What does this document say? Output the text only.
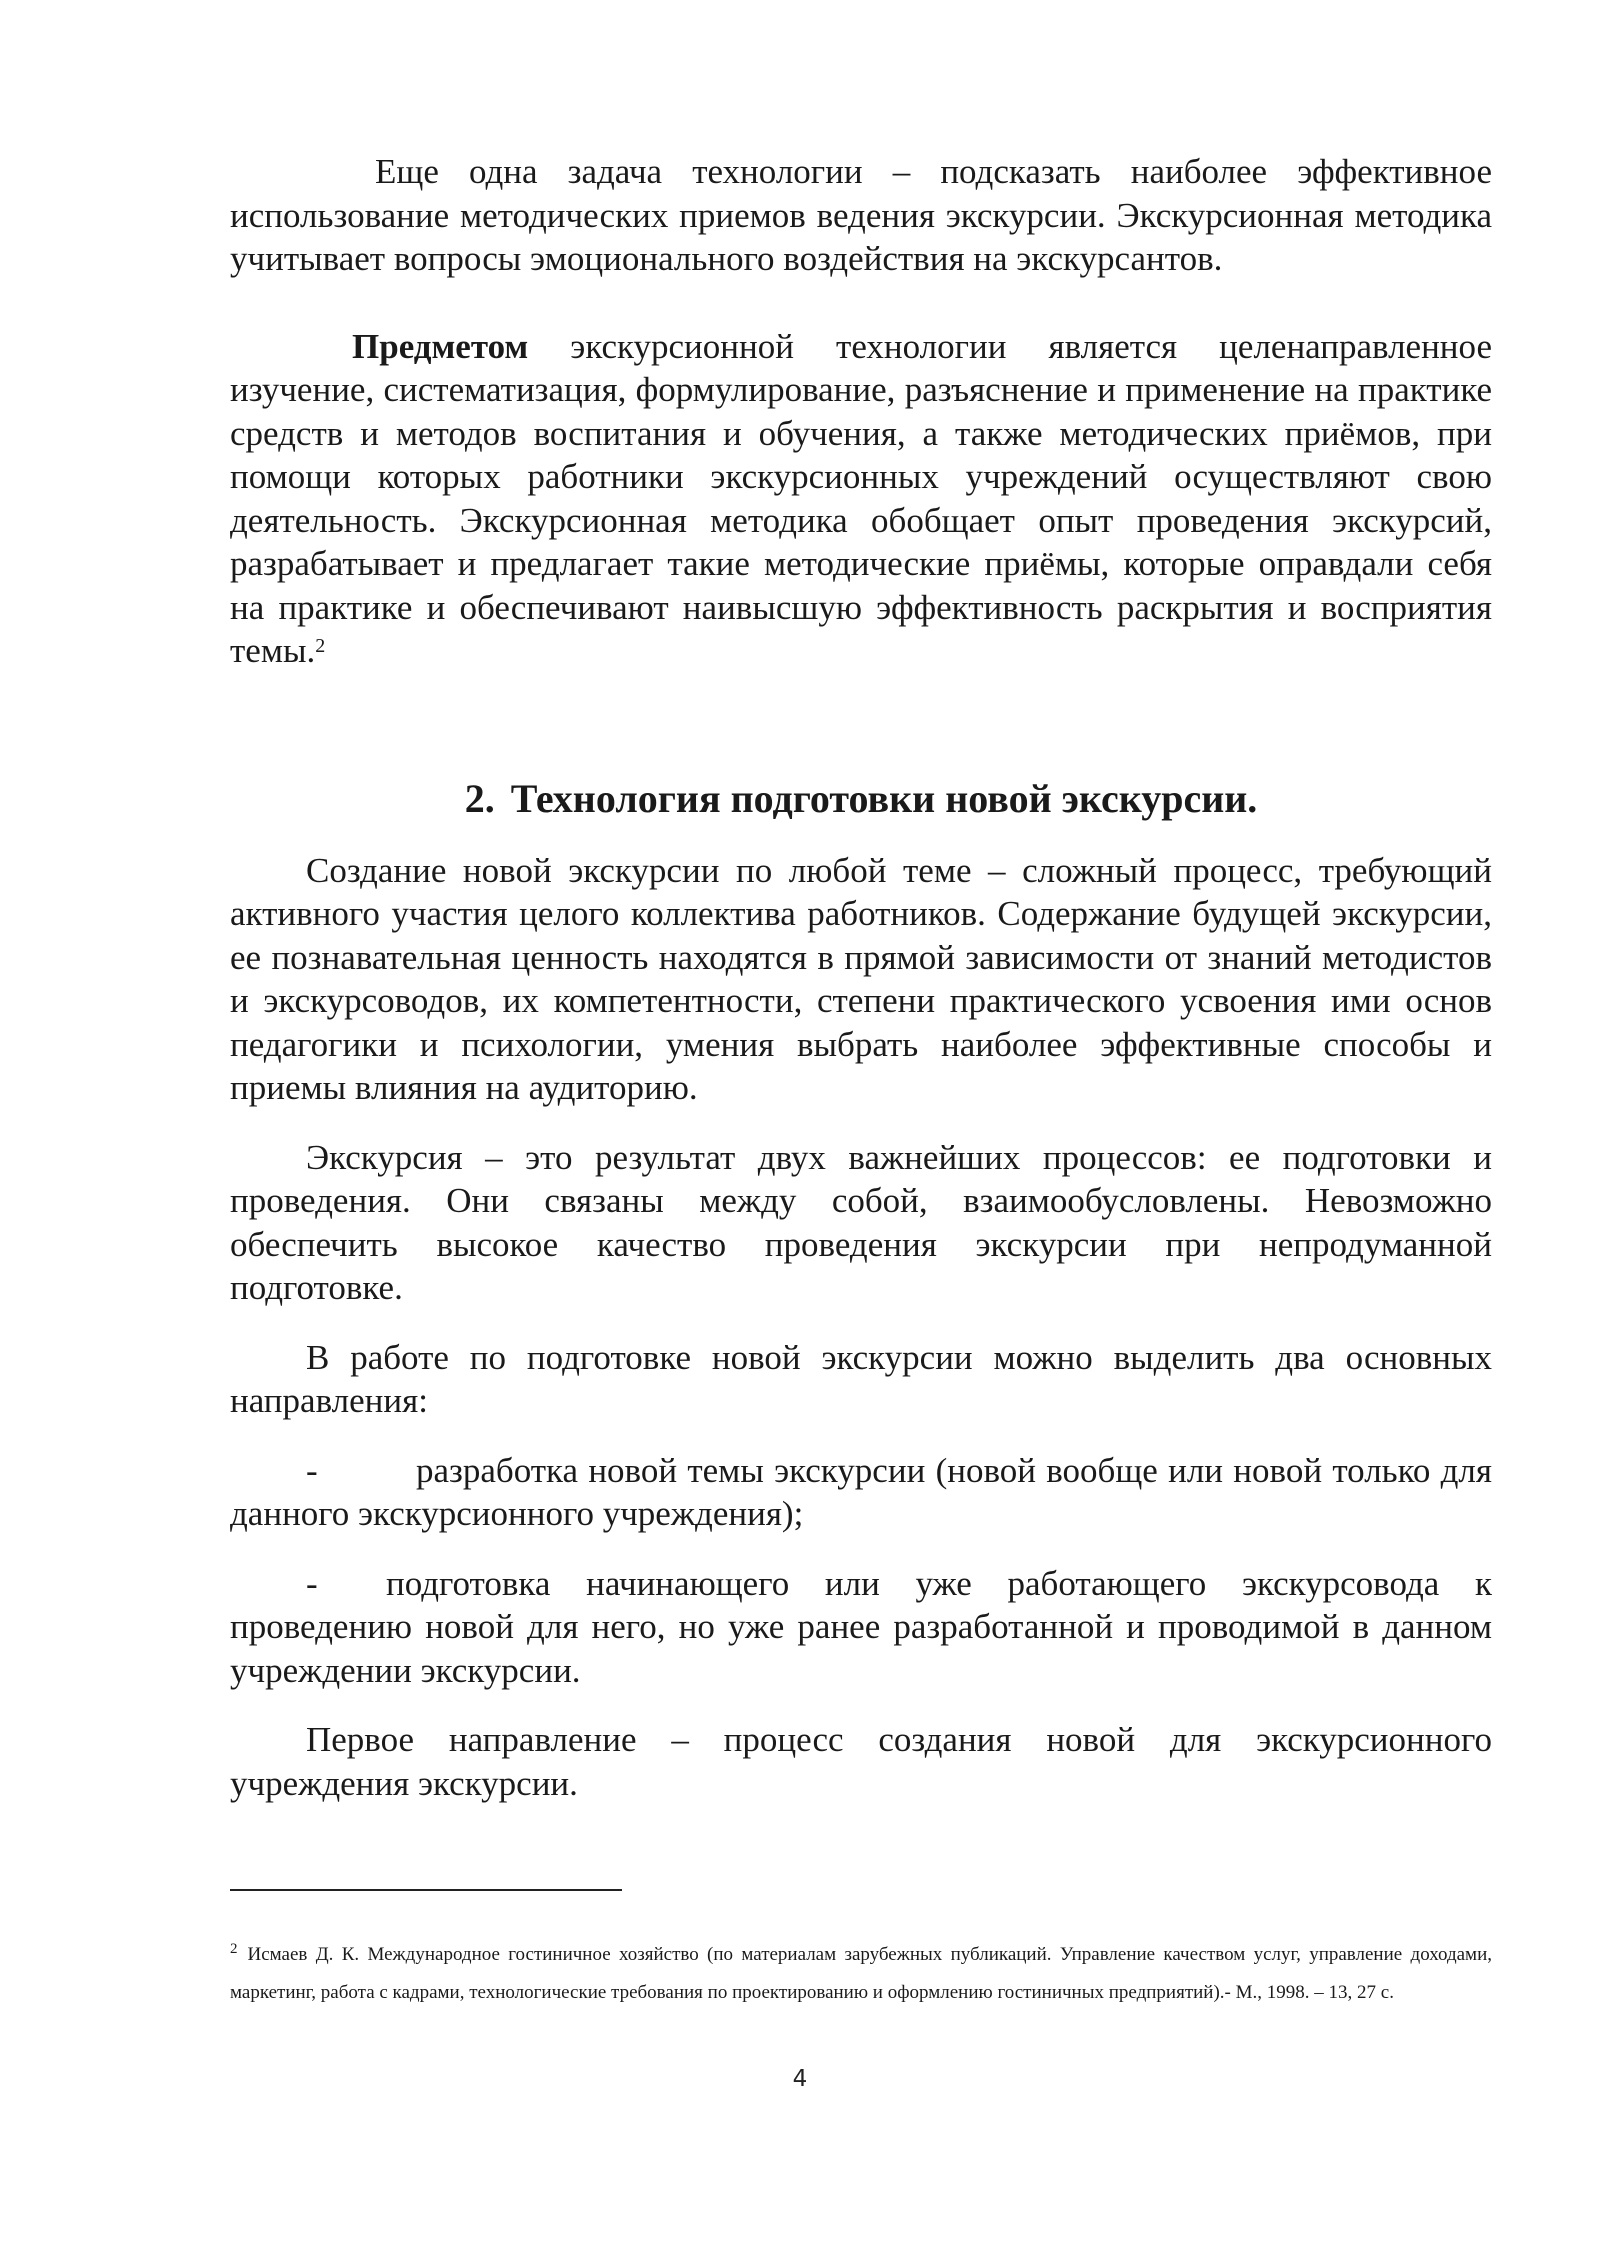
Еще одна задача технологии – подсказать наиболее эффективное использование методических приемов ведения экскурсии. Экскурсионная методика учитывает вопросы эмоционального воздействия на экскурсантов.

Предметом экскурсионной технологии является целенаправленное изучение, систематизация, формулирование, разъяснение и применение на практике средств и методов воспитания и обучения, а также методических приёмов, при помощи которых работники экскурсионных учреждений осуществляют свою деятельность. Экскурсионная методика обобщает опыт проведения экскурсий, разрабатывает и предлагает такие методические приёмы, которые оправдали себя на практике и обеспечивают наивысшую эффективность раскрытия и восприятия темы.$^2$

2. Технология подготовки новой экскурсии.

Создание новой экскурсии по любой теме – сложный процесс, требующий активного участия целого коллектива работников. Содержание будущей экскурсии, ее познавательная ценность находятся в прямой зависимости от знаний методистов и экскурсоводов, их компетентности, степени практического усвоения ими основ педагогики и психологии, умения выбрать наиболее эффективные способы и приемы влияния на аудиторию.

Экскурсия – это результат двух важнейших процессов: ее подготовки и проведения. Они связаны между собой, взаимообусловлены. Невозможно обеспечить высокое качество проведения экскурсии при непродуманной подготовке.

В работе по подготовке новой экскурсии можно выделить два основных направления:

-	разработка новой темы экскурсии (новой вообще или новой только для данного экскурсионного учреждения);

- подготовка начинающего или уже работающего экскурсовода к проведению новой для него, но уже ранее разработанной и проводимой в данном учреждении экскурсии.

Первое направление – процесс создания новой для экскурсионного учреждения экскурсии.

$^2$ Исмаев Д. К. Международное гостиничное хозяйство (по материалам зарубежных публикаций. Управление качеством услуг, управление доходами, маркетинг, работа с кадрами, технологические требования по проектированию и оформлению гостиничных предприятий).- М., 1998. – 13, 27 с.

4
